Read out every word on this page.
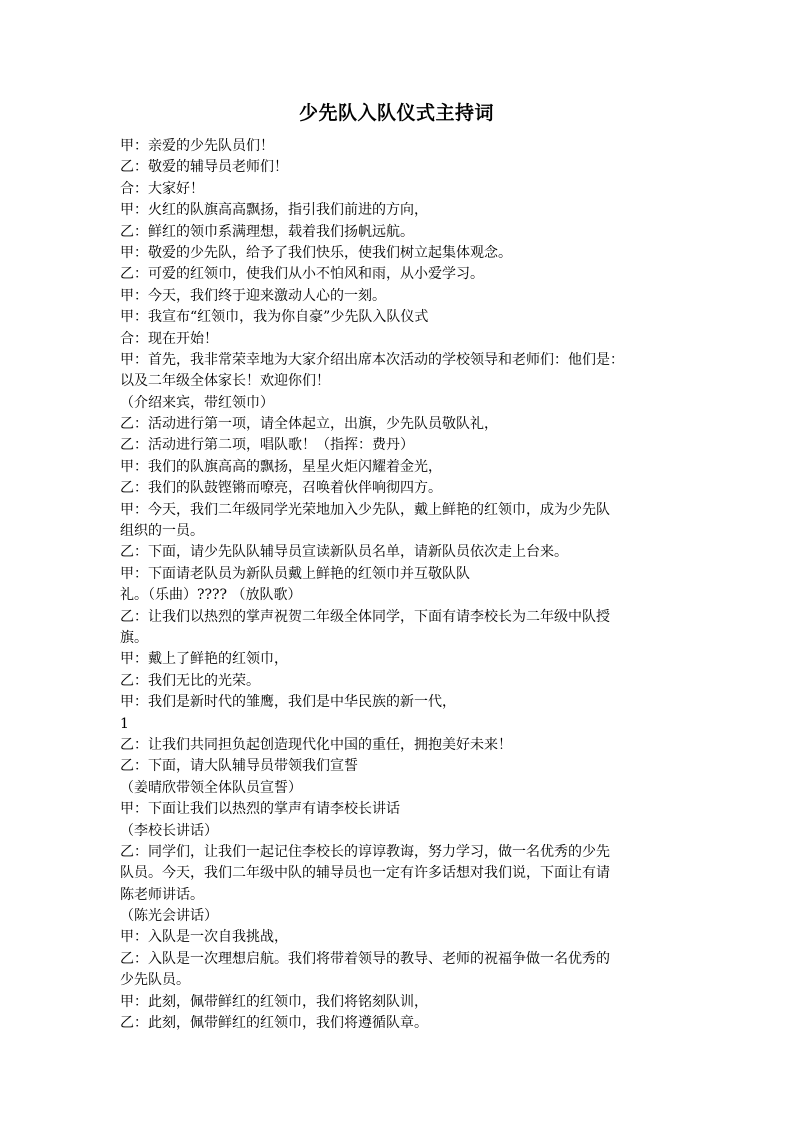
少先队入队仪式主持词
甲：亲爱的少先队员们！
乙：敬爱的辅导员老师们！
合：大家好！
甲：火红的队旗高高飘扬，指引我们前进的方向，
乙：鲜红的领巾系满理想，载着我们扬帆远航。
甲：敬爱的少先队，给予了我们快乐，使我们树立起集体观念。
乙：可爱的红领巾，使我们从小不怕风和雨，从小爱学习。
甲：今天，我们终于迎来激动人心的一刻。
甲：我宣布“红领巾，我为你自豪”少先队入队仪式
合：现在开始！
甲：首先，我非常荣幸地为大家介绍出席本次活动的学校领导和老师们：他们是：
以及二年级全体家长！欢迎你们！
（介绍来宾，带红领巾）
乙：活动进行第一项，请全体起立，出旗，少先队员敬队礼，
乙：活动进行第二项，唱队歌！（指挥：费丹）
甲：我们的队旗高高的飘扬，星星火炬闪耀着金光，
乙：我们的队鼓铿锵而嘹亮，召唤着伙伴响彻四方。
甲：今天，我们二年级同学光荣地加入少先队，戴上鲜艳的红领巾，成为少先队
组织的一员。
乙：下面，请少先队队辅导员宣读新队员名单，请新队员依次走上台来。
甲：下面请老队员为新队员戴上鲜艳的红领巾并互敬队队
礼。（乐曲）???? （放队歌）
乙：让我们以热烈的掌声祝贺二年级全体同学，下面有请李校长为二年级中队授
旗。
甲：戴上了鲜艳的红领巾，
乙：我们无比的光荣。
甲：我们是新时代的雏鹰，我们是中华民族的新一代，
1
乙：让我们共同担负起创造现代化中国的重任，拥抱美好未来！
乙：下面，请大队辅导员带领我们宣誓
（姜晴欣带领全体队员宣誓）
甲：下面让我们以热烈的掌声有请李校长讲话
（李校长讲话）
乙：同学们，让我们一起记住李校长的谆谆教诲，努力学习，做一名优秀的少先
队员。今天，我们二年级中队的辅导员也一定有许多话想对我们说，下面让有请
陈老师讲话。
（陈光会讲话）
甲：入队是一次自我挑战，
乙：入队是一次理想启航。我们将带着领导的教导、老师的祝福争做一名优秀的
少先队员。
甲：此刻，佩带鲜红的红领巾，我们将铭刻队训，
乙：此刻，佩带鲜红的红领巾，我们将遵循队章。
